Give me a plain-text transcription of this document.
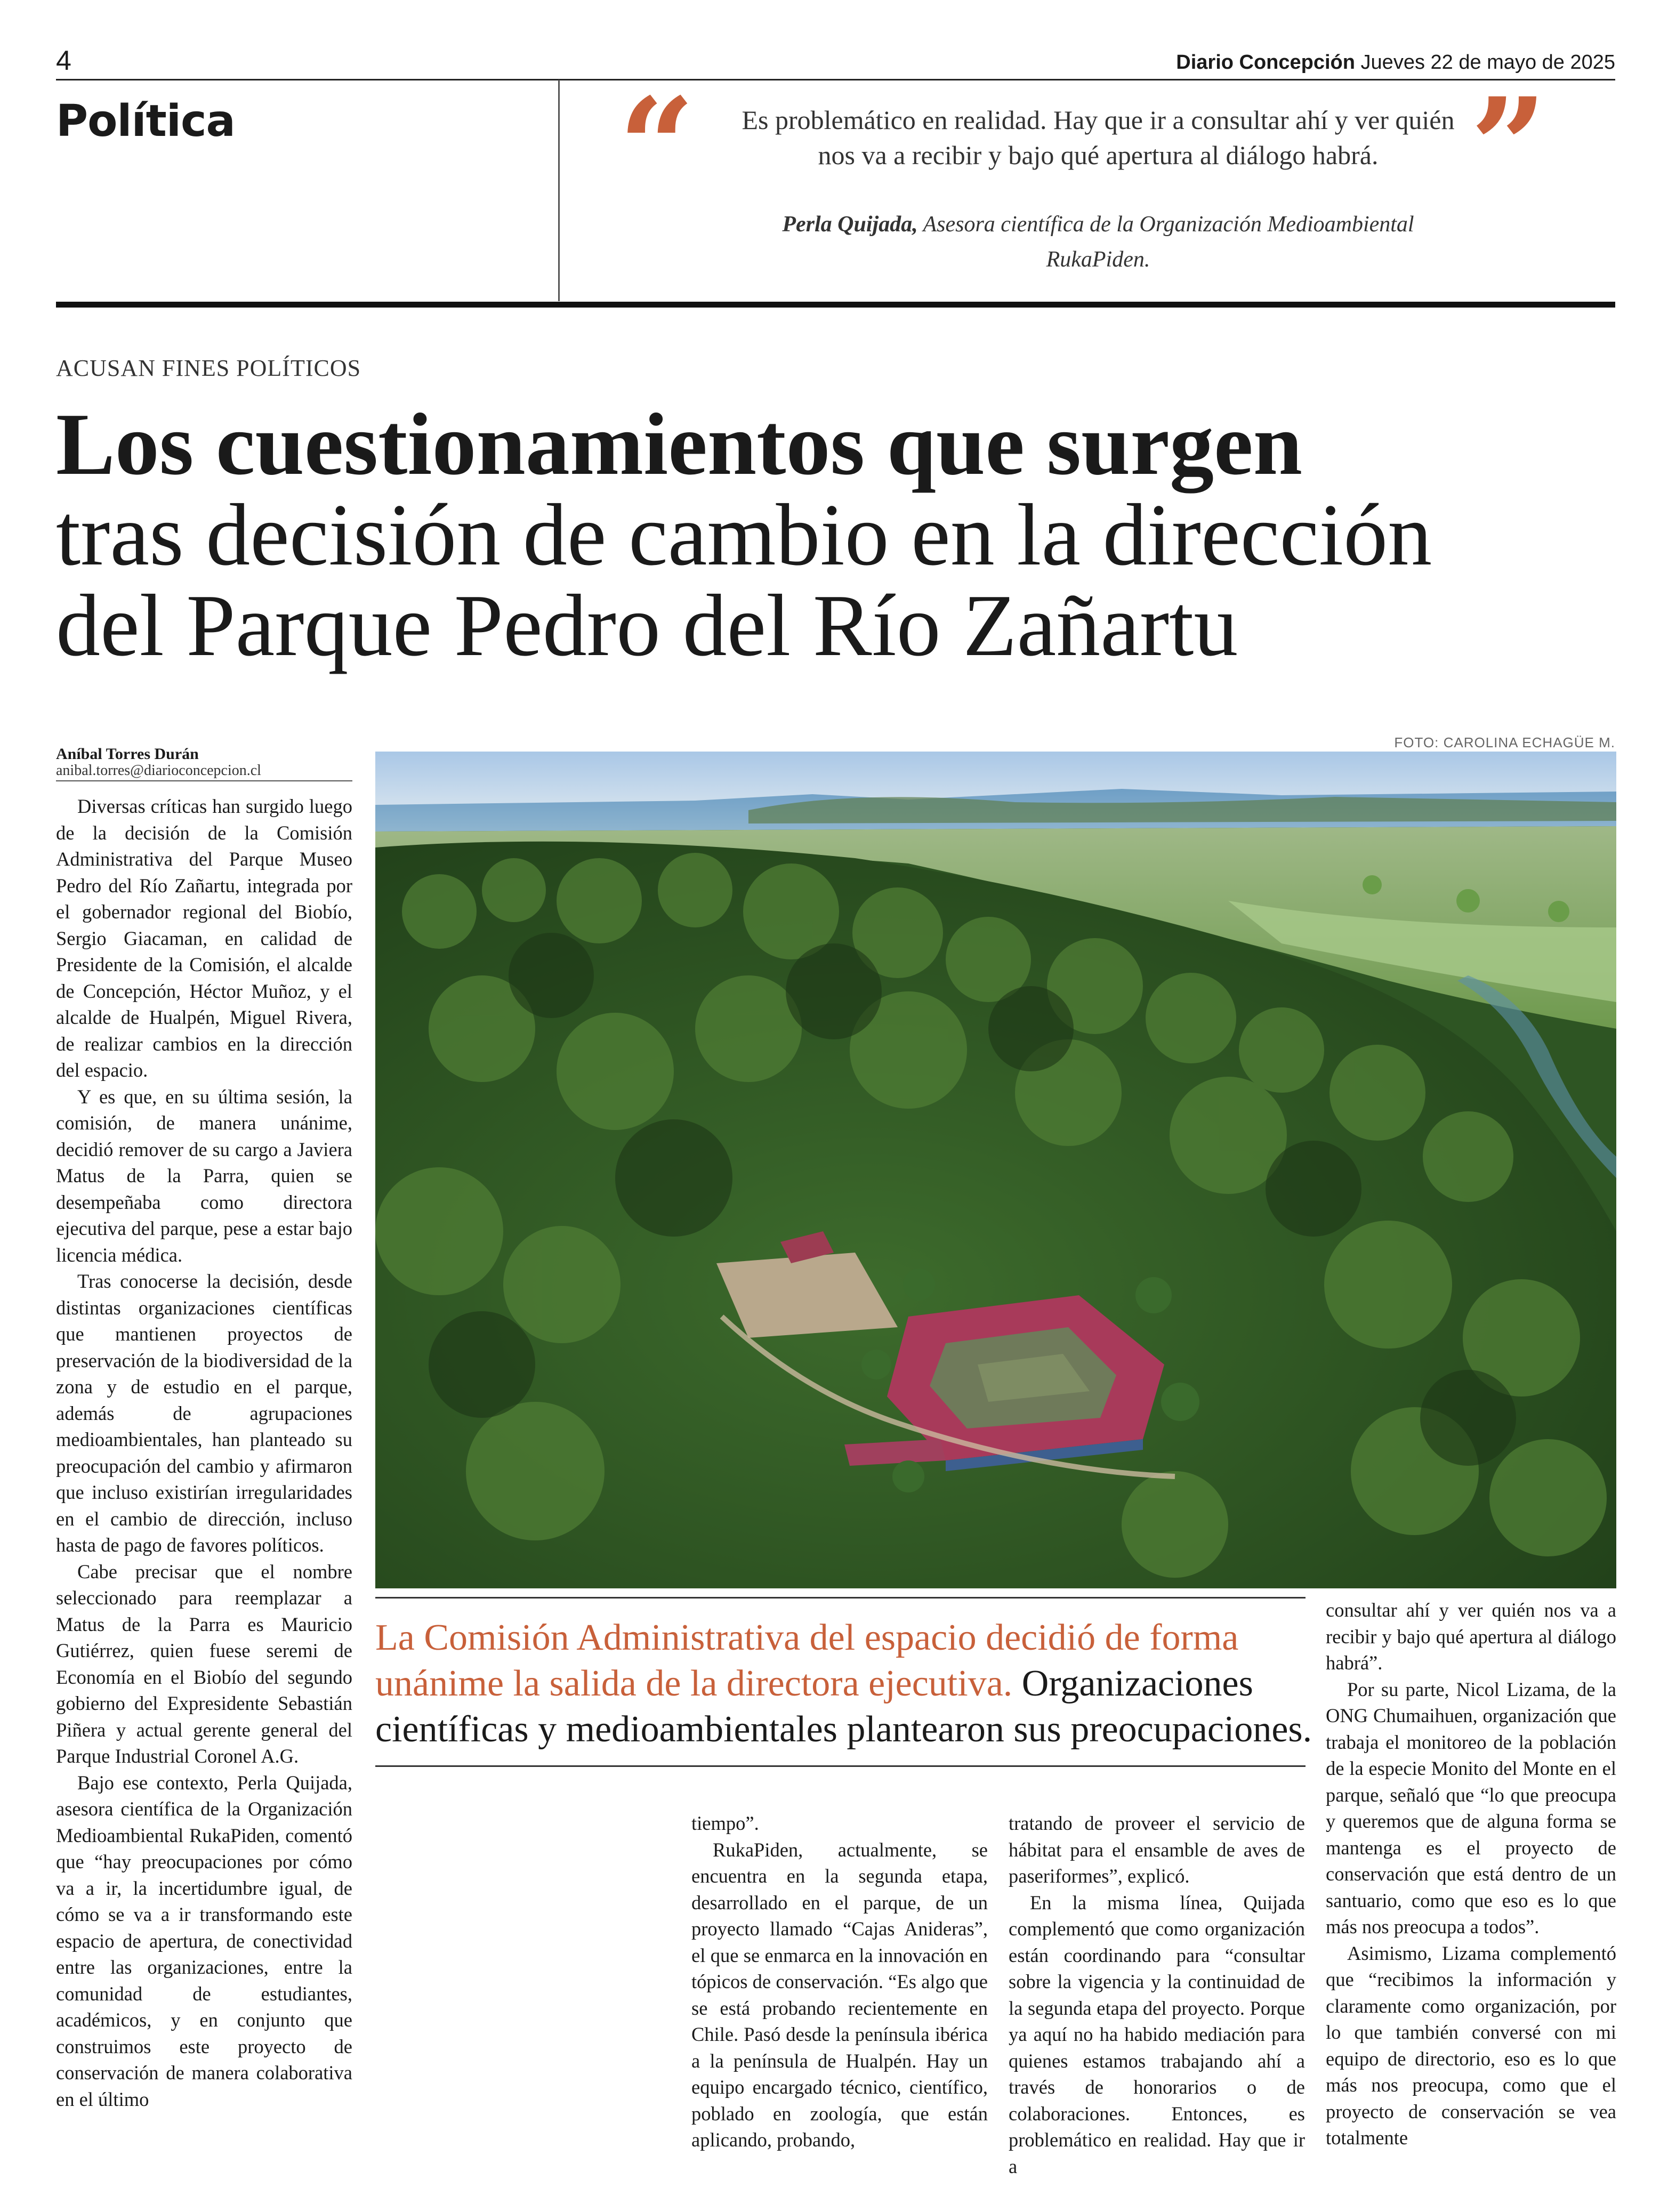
4	Diario Concepción Jueves 22 de mayo de 2025
Política	“	Es problemático en realidad. Hay que ir a consultar ahí y ver quién nos va a recibir y bajo qué apertura al diálogo habrá. ”
Perla Quijada, Asesora científica de la Organización Medioambiental RukaPiden.
ACUSAN FINES POLÍTICOS
Los cuestionamientos que surgen
tras decisión de cambio en la dirección
del Parque Pedro del Río Zañartu
Aníbal Torres Durán
anibal.torres@diarioconcepcion.cl

Diversas críticas han surgido luego de la decisión de la Comisión Administrativa del Parque Museo Pedro del Río Zañartu, integrada por el gobernador regional del Biobío, Sergio Giacaman, en calidad de Presidente de la Comisión, el alcalde de Concepción, Héctor Muñoz, y el alcalde de Hualpén, Miguel Rivera, de realizar cambios en la dirección del espacio.

Y es que, en su última sesión, la comisión, de manera unánime, decidió remover de su cargo a Javiera Matus de la Parra, quien se desempeñaba como directora ejecutiva del parque, pese a estar bajo licencia médica.

Tras conocerse la decisión, desde distintas organizaciones científicas que mantienen proyectos de preservación de la biodiversidad de la zona y de estudio en el parque, además de agrupaciones medioambientales, han planteado su preocupación del cambio y afirmaron que incluso existirían irregularidades en el cambio de dirección, incluso hasta de pago de favores políticos.

Cabe precisar que el nombre seleccionado para reemplazar a Matus de la Parra es Mauricio Gutiérrez, quien fuese seremi de Economía en el Biobío del segundo gobierno del Expresidente Sebastián Piñera y actual gerente general del Parque Industrial Coronel A.G.

Bajo ese contexto, Perla Quijada, asesora científica de la Organización Medioambiental RukaPiden, comentó que “hay preocupaciones por cómo va a ir, la incertidumbre igual, de cómo se va a ir transformando este espacio de apertura, de conectividad entre las organizaciones, entre la comunidad de estudiantes, académicos, y en conjunto que construimos este proyecto de conservación de manera colaborativa en el último

FOTO: CAROLINA ECHAGÜE M.
La Comisión Administrativa del espacio decidió de forma unánime la salida de la directora ejecutiva. Organizaciones científicas y medioambientales plantearon sus preocupaciones.

tiempo”.

RukaPiden, actualmente, se encuentra en la segunda etapa, desarrollado en el parque, de un proyecto llamado “Cajas Anideras”, el que se enmarca en la innovación en tópicos de conservación. “Es algo que se está probando recientemente en Chile. Pasó desde la península ibérica a la península de Hualpén. Hay un equipo encargado técnico, científico, poblado en zoología, que están aplicando, probando,

tratando de proveer el servicio de hábitat para el ensamble de aves de paseriformes”, explicó.

En la misma línea, Quijada complementó que como organización están coordinando para “consultar sobre la vigencia y la continuidad de la segunda etapa del proyecto. Porque ya aquí no ha habido mediación para quienes estamos trabajando ahí a través de honorarios o de colaboraciones. Entonces, es problemático en realidad. Hay que ir a

consultar ahí y ver quién nos va a recibir y bajo qué apertura al diálogo habrá”.

Por su parte, Nicol Lizama, de la ONG Chumaihuen, organización que trabaja el monitoreo de la población de la especie Monito del Monte en el parque, señaló que “lo que preocupa y queremos que de alguna forma se mantenga es el proyecto de conservación que está dentro de un santuario, como que eso es lo que más nos preocupa a todos”.

Asimismo, Lizama complementó que “recibimos la información y claramente como organización, por lo que también conversé con mi equipo de directorio, eso es lo que más nos preocupa, como que el proyecto de conservación se vea totalmente
